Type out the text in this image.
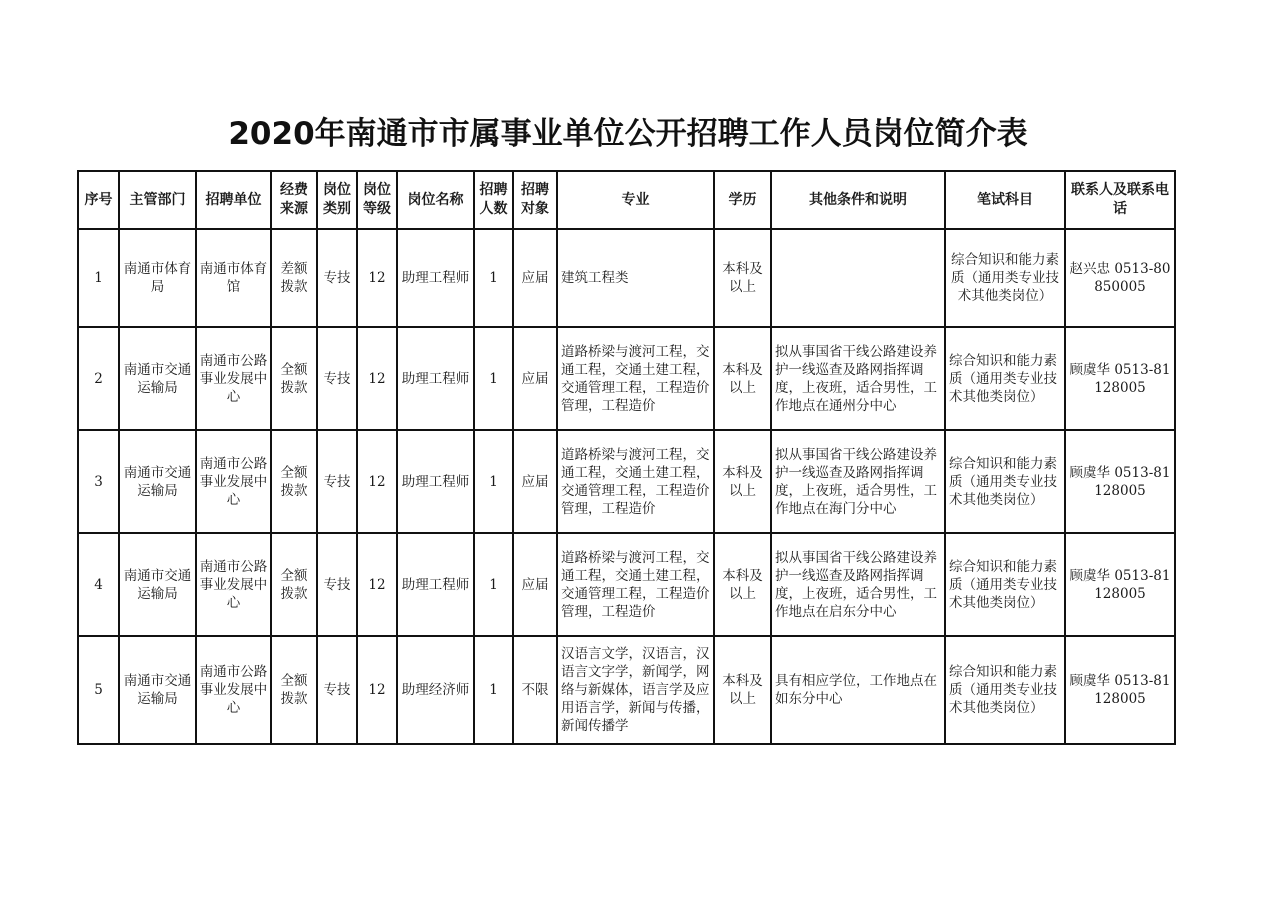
2020年南通市市属事业单位公开招聘工作人员岗位简介表
序号	主管部门	招聘单位	经费来源	岗位类别	岗位等级	岗位名称	招聘人数	招聘对象	专业	学历	其他条件和说明	笔试科目	联系人及联系电话
1	南通市体育局	南通市体育馆	差额拨款	专技	12	助理工程师	1	应届	建筑工程类	本科及以上		综合知识和能力素质（通用类专业技术其他类岗位）	赵兴忠 0513-80850005
2	南通市交通运输局	南通市公路事业发展中心	全额拨款	专技	12	助理工程师	1	应届	道路桥梁与渡河工程，交通工程，交通土建工程，交通管理工程，工程造价管理，工程造价	本科及以上	拟从事国省干线公路建设养护一线巡查及路网指挥调度，上夜班，适合男性，工作地点在通州分中心	综合知识和能力素质（通用类专业技术其他类岗位）	顾虞华 0513-81128005
3	南通市交通运输局	南通市公路事业发展中心	全额拨款	专技	12	助理工程师	1	应届	道路桥梁与渡河工程，交通工程，交通土建工程，交通管理工程，工程造价管理，工程造价	本科及以上	拟从事国省干线公路建设养护一线巡查及路网指挥调度，上夜班，适合男性，工作地点在海门分中心	综合知识和能力素质（通用类专业技术其他类岗位）	顾虞华 0513-81128005
4	南通市交通运输局	南通市公路事业发展中心	全额拨款	专技	12	助理工程师	1	应届	道路桥梁与渡河工程，交通工程，交通土建工程，交通管理工程，工程造价管理，工程造价	本科及以上	拟从事国省干线公路建设养护一线巡查及路网指挥调度，上夜班，适合男性，工作地点在启东分中心	综合知识和能力素质（通用类专业技术其他类岗位）	顾虞华 0513-81128005
5	南通市交通运输局	南通市公路事业发展中心	全额拨款	专技	12	助理经济师	1	不限	汉语言文学，汉语言，汉语言文字学，新闻学，网络与新媒体，语言学及应用语言学，新闻与传播，新闻传播学	本科及以上	具有相应学位，工作地点在如东分中心	综合知识和能力素质（通用类专业技术其他类岗位）	顾虞华 0513-81128005
